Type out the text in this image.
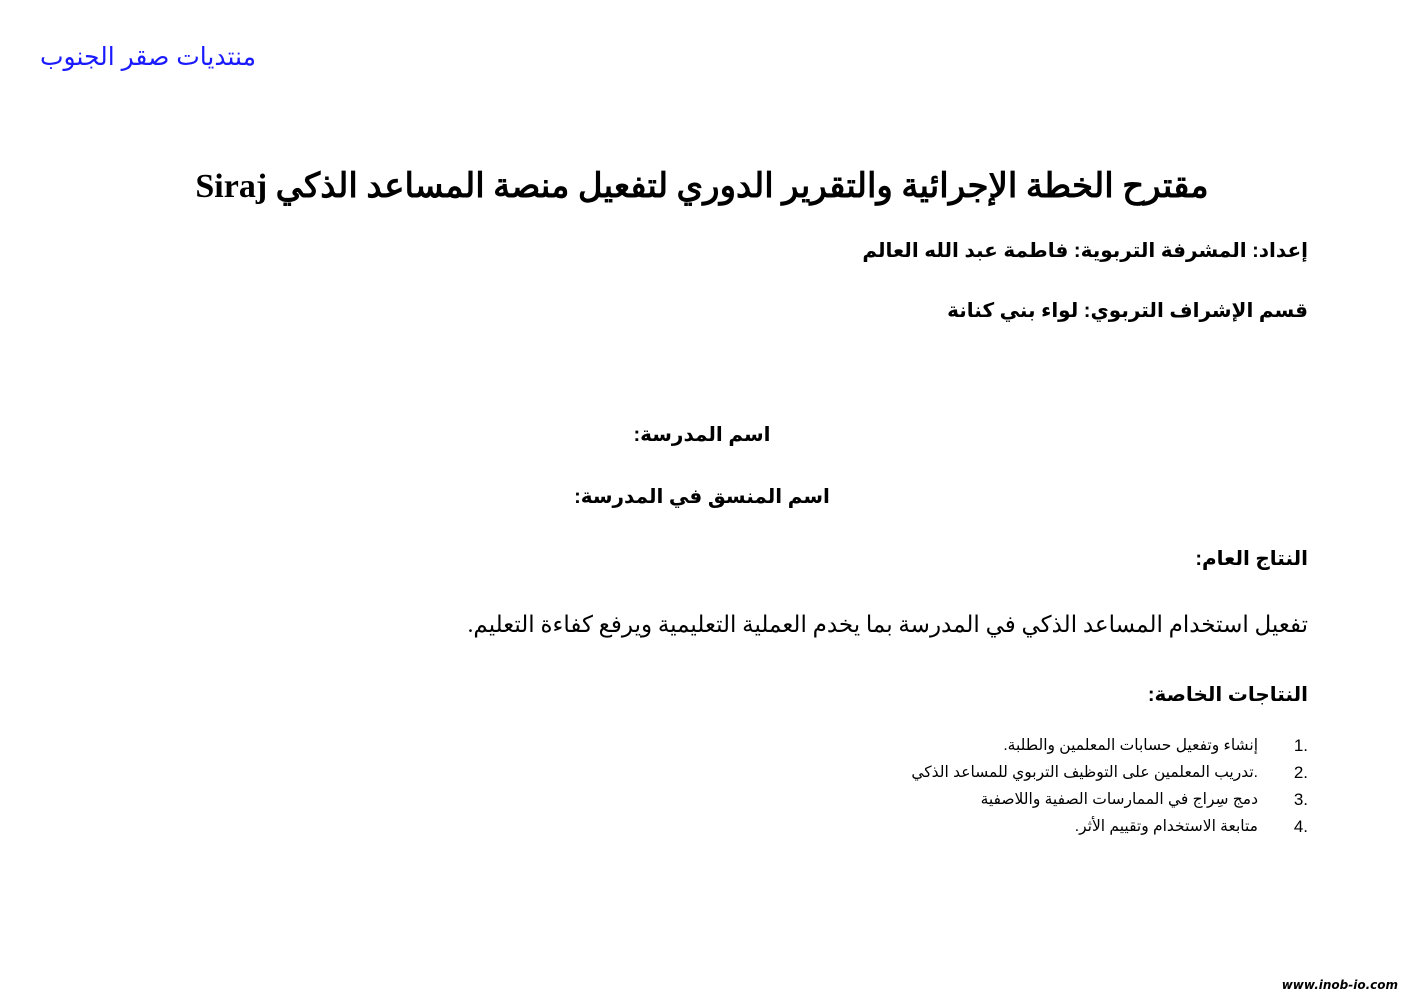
منتديات صقر الجنوب
مقترح الخطة الإجرائية والتقرير الدوري لتفعيل منصة المساعد الذكي Siraj
إعداد: المشرفة التربوية: فاطمة عبد الله العالم
قسم الإشراف التربوي: لواء بني كنانة
اسم المدرسة:
اسم المنسق في المدرسة:
النتاج العام:
تفعيل استخدام المساعد الذكي في المدرسة بما يخدم العملية التعليمية ويرفع كفاءة التعليم.
النتاجات الخاصة:
1.
إنشاء وتفعيل حسابات المعلمين والطلبة.
2.
.تدريب المعلمين على التوظيف التربوي للمساعد الذكي
3.
دمج سِراج في الممارسات الصفية واللاصفية
4.
متابعة الاستخدام وتقييم الأثر.
www.inob-io.com
